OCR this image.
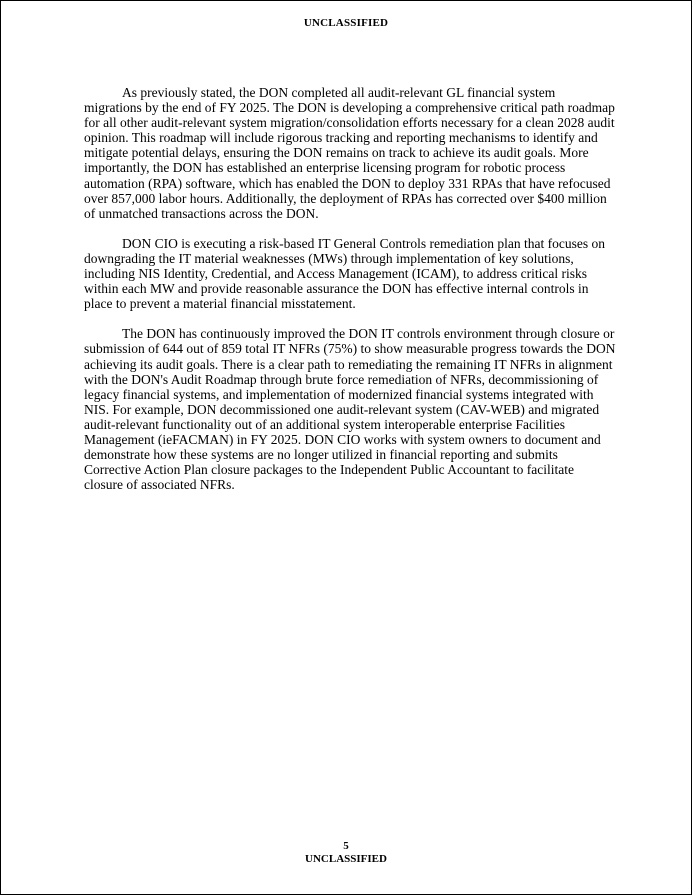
UNCLASSIFIED

As previously stated, the DON completed all audit-relevant GL financial system migrations by the end of FY 2025. The DON is developing a comprehensive critical path roadmap for all other audit-relevant system migration/consolidation efforts necessary for a clean 2028 audit opinion. This roadmap will include rigorous tracking and reporting mechanisms to identify and mitigate potential delays, ensuring the DON remains on track to achieve its audit goals. More importantly, the DON has established an enterprise licensing program for robotic process automation (RPA) software, which has enabled the DON to deploy 331 RPAs that have refocused over 857,000 labor hours. Additionally, the deployment of RPAs has corrected over $400 million of unmatched transactions across the DON.

DON CIO is executing a risk-based IT General Controls remediation plan that focuses on downgrading the IT material weaknesses (MWs) through implementation of key solutions, including NIS Identity, Credential, and Access Management (ICAM), to address critical risks within each MW and provide reasonable assurance the DON has effective internal controls in place to prevent a material financial misstatement.

The DON has continuously improved the DON IT controls environment through closure or submission of 644 out of 859 total IT NFRs (75%) to show measurable progress towards the DON achieving its audit goals. There is a clear path to remediating the remaining IT NFRs in alignment with the DON's Audit Roadmap through brute force remediation of NFRs, decommissioning of legacy financial systems, and implementation of modernized financial systems integrated with NIS. For example, DON decommissioned one audit-relevant system (CAV-WEB) and migrated audit-relevant functionality out of an additional system interoperable enterprise Facilities Management (ieFACMAN) in FY 2025. DON CIO works with system owners to document and demonstrate how these systems are no longer utilized in financial reporting and submits Corrective Action Plan closure packages to the Independent Public Accountant to facilitate closure of associated NFRs.

5
UNCLASSIFIED
